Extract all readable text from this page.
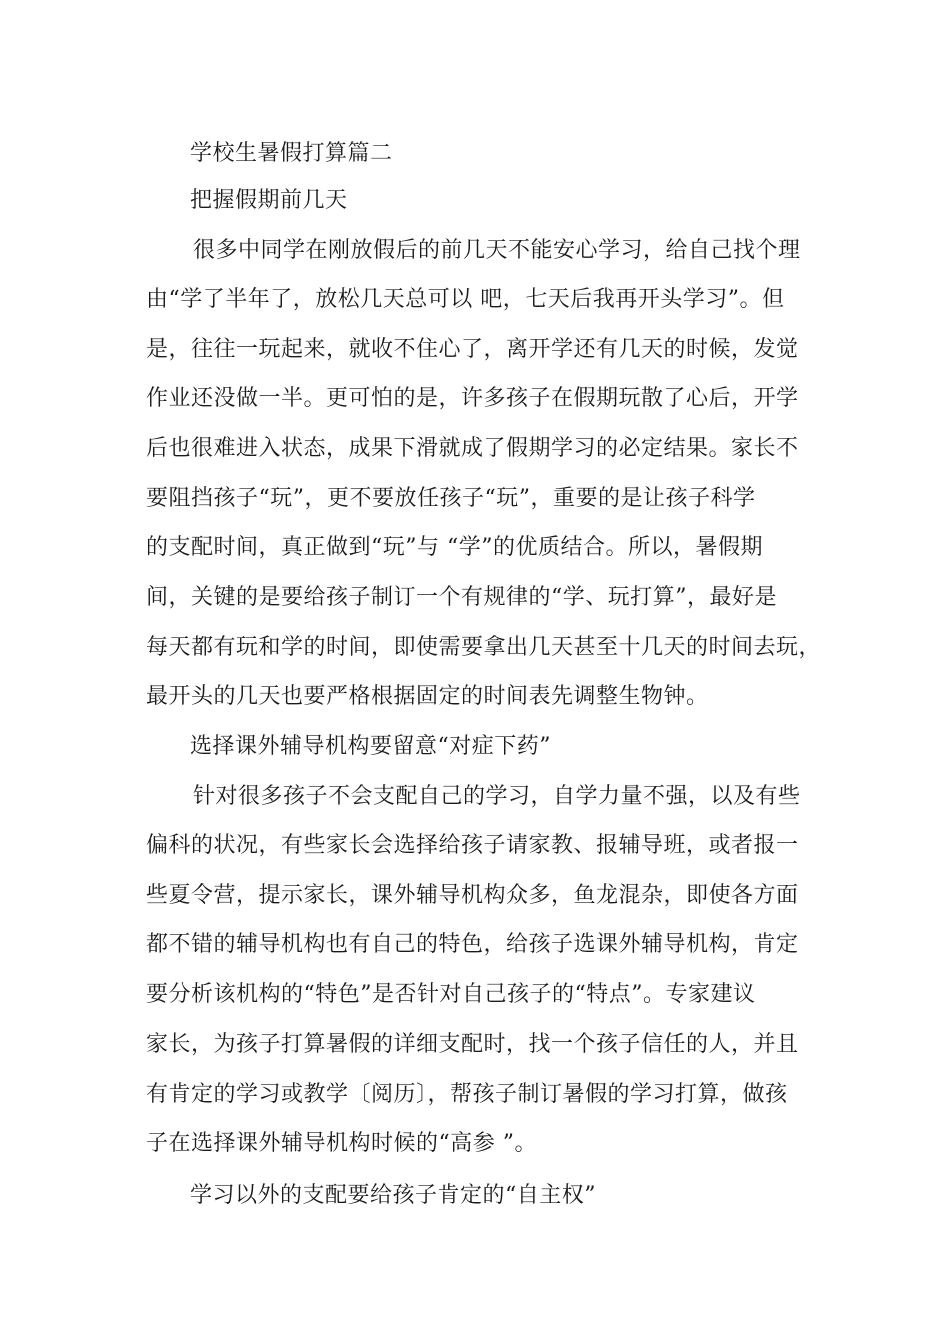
学校生暑假打算篇二
把握假期前几天
很多中同学在刚放假后的前几天不能安心学习，给自己找个理
由“学了半年了，放松几天总可以 吧，七天后我再开头学习”。但
是，往往一玩起来，就收不住心了，离开学还有几天的时候，发觉
作业还没做一半。更可怕的是，许多孩子在假期玩散了心后，开学
后也很难进入状态，成果下滑就成了假期学习的必定结果。家长不
要阻挡孩子“玩”，更不要放任孩子“玩”，重要的是让孩子科学
的支配时间，真正做到“玩”与 “学”的优质结合。所以，暑假期
间，关键的是要给孩子制订一个有规律的“学、玩打算”，最好是
每天都有玩和学的时间，即使需要拿出几天甚至十几天的时间去玩，
最开头的几天也要严格根据固定的时间表先调整生物钟。
选择课外辅导机构要留意“对症下药”
针对很多孩子不会支配自己的学习，自学力量不强，以及有些
偏科的状况，有些家长会选择给孩子请家教、报辅导班，或者报一
些夏令营，提示家长，课外辅导机构众多，鱼龙混杂，即使各方面
都不错的辅导机构也有自己的特色，给孩子选课外辅导机构，肯定
要分析该机构的“特色”是否针对自己孩子的“特点”。专家建议
家长，为孩子打算暑假的详细支配时，找一个孩子信任的人，并且
有肯定的学习或教学〔阅历〕，帮孩子制订暑假的学习打算，做孩
子在选择课外辅导机构时候的“高参 ”。
学习以外的支配要给孩子肯定的“自主权”
